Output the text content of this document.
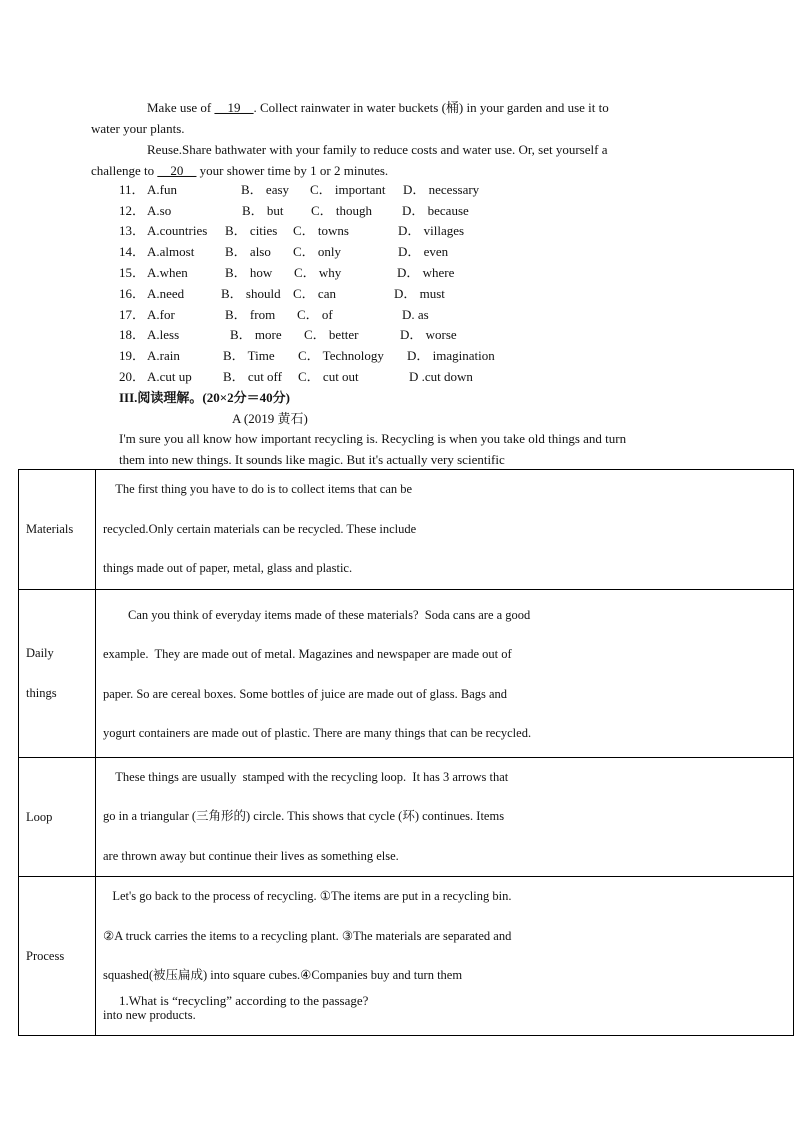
Make use of __19__. Collect rainwater in water buckets (桶) in your garden and use it to
water your plants.
Reuse.Share bathwater with your family to reduce costs and water use. Or, set yourself a
challenge to __20__ your shower time by 1 or 2 minutes.
11． A.fun	B． easy C． important D． necessary
12． A.so	B． but C． though D． because
13． A.countries B． cities C． towns	D． villages
14． A.almost B． also C． only	D． even
15． A.when	B． how C． why	D． where
16． A.need	B． should C． can	D． must
17． A.for	B． from C． of	D. as
18． A.less	B． more C． better	D． worse
19． A.rain	B． Time C． Technology D． imagination
20． A.cut up B． cut off C． cut out	D .cut down
III.阅读理解。(20×2分＝40分)
A (2019 黄石)
I'm sure you all know how important recycling is. Recycling is when you take old things and turn
them into new things. It sounds like magic. But it's actually very scientific
Materials	The first thing you have to do is to collect items that can be
recycled.Only certain materials can be recycled. These include
things made out of paper, metal, glass and plastic.

Daily
things	Can you think of everyday items made of these materials?  Soda cans are a good
example.  They are made out of metal. Magazines and newspaper are made out of
paper. So are cereal boxes. Some bottles of juice are made out of glass. Bags and
yogurt containers are made out of plastic. There are many things that can be recycled.

Loop	These things are usually  stamped with the recycling loop.  It has 3 arrows that
go in a triangular (三角形的) circle. This shows that cycle (环) continues. Items
are thrown away but continue their lives as something else.

Process	Let's go back to the process of recycling. ①The items are put in a recycling bin.
②A truck carries the items to a recycling plant. ③The materials are separated and
squashed(被压扁成) into square cubes.④Companies buy and turn them
into new products.
1.What is “recycling” according to the passage?
